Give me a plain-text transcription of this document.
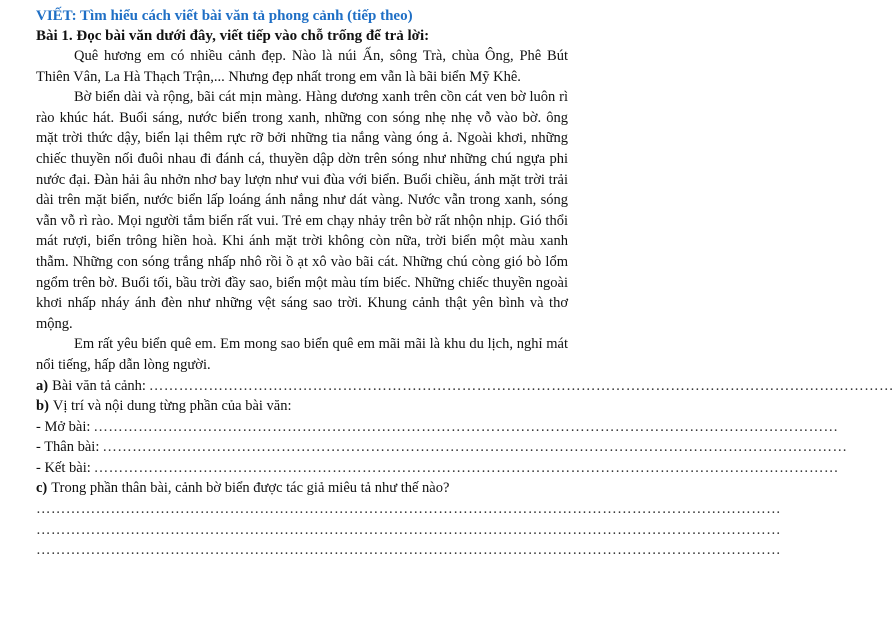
VIẾT: Tìm hiểu cách viết bài văn tả phong cảnh (tiếp theo)

Bài 1. Đọc bài văn dưới đây, viết tiếp vào chỗ trống để trả lời:

Quê hương em có nhiều cảnh đẹp. Nào là núi Ấn, sông Trà, chùa Ông, Phê Bút Thiên Vân, La Hà Thạch Trận,... Nhưng đẹp nhất trong em vẫn là bãi biển Mỹ Khê.

Bờ biển dài và rộng, bãi cát mịn màng. Hàng dương xanh trên cồn cát ven bờ luôn rì rào khúc hát. Buổi sáng, nước biển trong xanh, những con sóng nhẹ nhẹ vỗ vào bờ. ông mặt trời thức dậy, biển lại thêm rực rỡ bởi những tia nắng vàng óng ả. Ngoài khơi, những chiếc thuyền nối đuôi nhau đi đánh cá, thuyền dập dờn trên sóng như những chú ngựa phi nước đại. Đàn hải âu nhởn nhơ bay lượn như vui đùa với biển. Buổi chiều, ánh mặt trời trải dài trên mặt biển, nước biển lấp loáng ánh nắng như dát vàng. Nước vẫn trong xanh, sóng vẫn vỗ rì rào. Mọi người tắm biển rất vui. Trẻ em chạy nhảy trên bờ rất nhộn nhịp. Gió thổi mát rượi, biển trông hiền hoà. Khi ánh mặt trời không còn nữa, trời biển một màu xanh thẫm. Những con sóng trắng nhấp nhô rồi ồ ạt xô vào bãi cát. Những chú còng gió bò lổm ngổm trên bờ. Buổi tối, bầu trời đầy sao, biển một màu tím biếc. Những chiếc thuyền ngoài khơi nhấp nháy ánh đèn như những vệt sáng sao trời. Khung cảnh thật yên bình và thơ mộng.

Em rất yêu biển quê em. Em mong sao biển quê em mãi mãi là khu du lịch, nghỉ mát nổi tiếng, hấp dẫn lòng người.

a) Bài văn tả cảnh: ……………………………………………………………………………………………………………………………………
b) Vị trí và nội dung từng phần của bài văn:
- Mở bài: ……………………………………………………………………………………………………………………………………
- Thân bài: ……………………………………………………………………………………………………………………………………
- Kết bài: ……………………………………………………………………………………………………………………………………
c) Trong phần thân bài, cảnh bờ biển được tác giả miêu tả như thế nào?

……………………………………………………………………………………………………………………………………

……………………………………………………………………………………………………………………………………

……………………………………………………………………………………………………………………………………
